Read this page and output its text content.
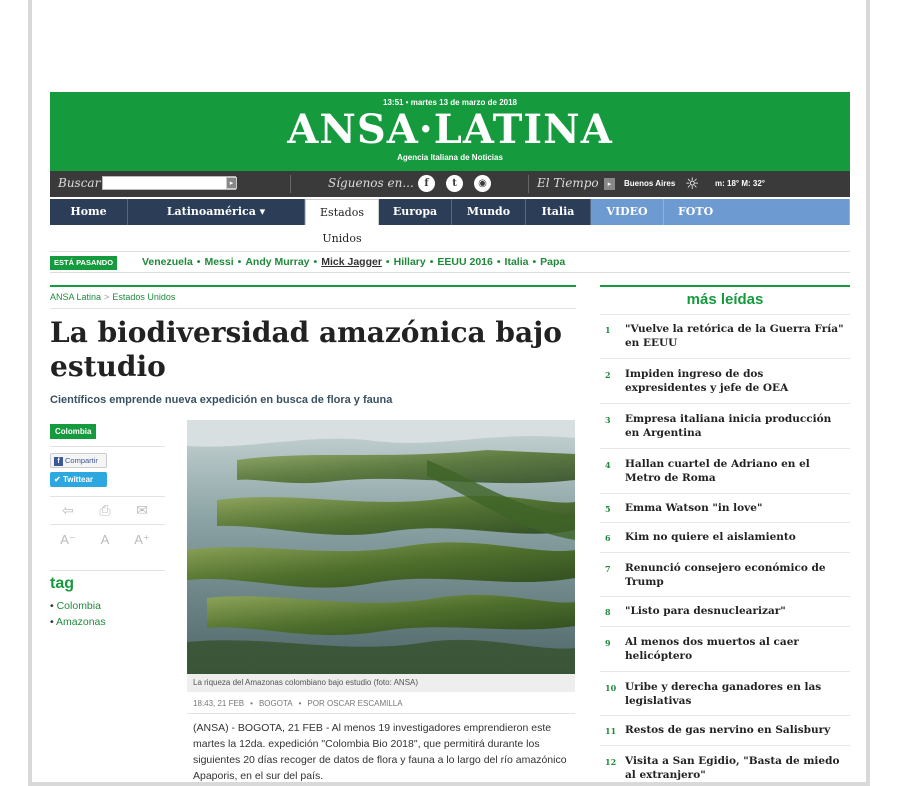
13:51 • martes 13 de marzo de 2018
ANSA·LATINA
Agencia Italiana de Noticias
Buscar	▸	Síguenos en...	f	t	◉	El Tiempo	▸	Buenos Aires ☼ m: 18° M: 32°
Home	Latinoamérica ▾	Estados Unidos
Europa	Mundo	Italia	VIDEO	FOTO
ESTÁ PASANDO	Venezuela • Messi • Andy Murray • Mick Jagger • Hillary • EEUU 2016 • Italia • Papa
ANSA Latina > Estados Unidos
La biodiversidad amazónica bajo estudio
Científicos emprende nueva expedición en busca de flora y fauna
Colombia
f Compartir
✔ Twittear
⇦	⎙	✉
A⁻	A	A⁺
tag
• Colombia
• Amazonas
La riqueza del Amazonas colombiano bajo estudio (foto: ANSA)
18:43, 21 FEB • BOGOTA • POR OSCAR ESCAMILLA

(ANSA) - BOGOTA, 21 FEB - Al menos 19 investigadores emprendieron este martes la 12da. expedición "Colombia Bio 2018", que permitirá durante los siguientes 20 días recoger de datos de flora y fauna a lo largo del río amazónico Apaporis, en el sur del país.

más leídas
1 "Vuelve la retórica de la Guerra Fría" en EEUU
2 Impiden ingreso de dos expresidentes y jefe de OEA
3 Empresa italiana inicia producción en Argentina
4 Hallan cuartel de Adriano en el Metro de Roma
5 Emma Watson "in love"
6 Kim no quiere el aislamiento
7 Renunció consejero económico de Trump
8 "Listo para desnuclearizar"
9 Al menos dos muertos al caer helicóptero
10 Uribe y derecha ganadores en las legislativas
11 Restos de gas nervino en Salisbury
12 Visita a San Egidio, "Basta de miedo al extranjero"
